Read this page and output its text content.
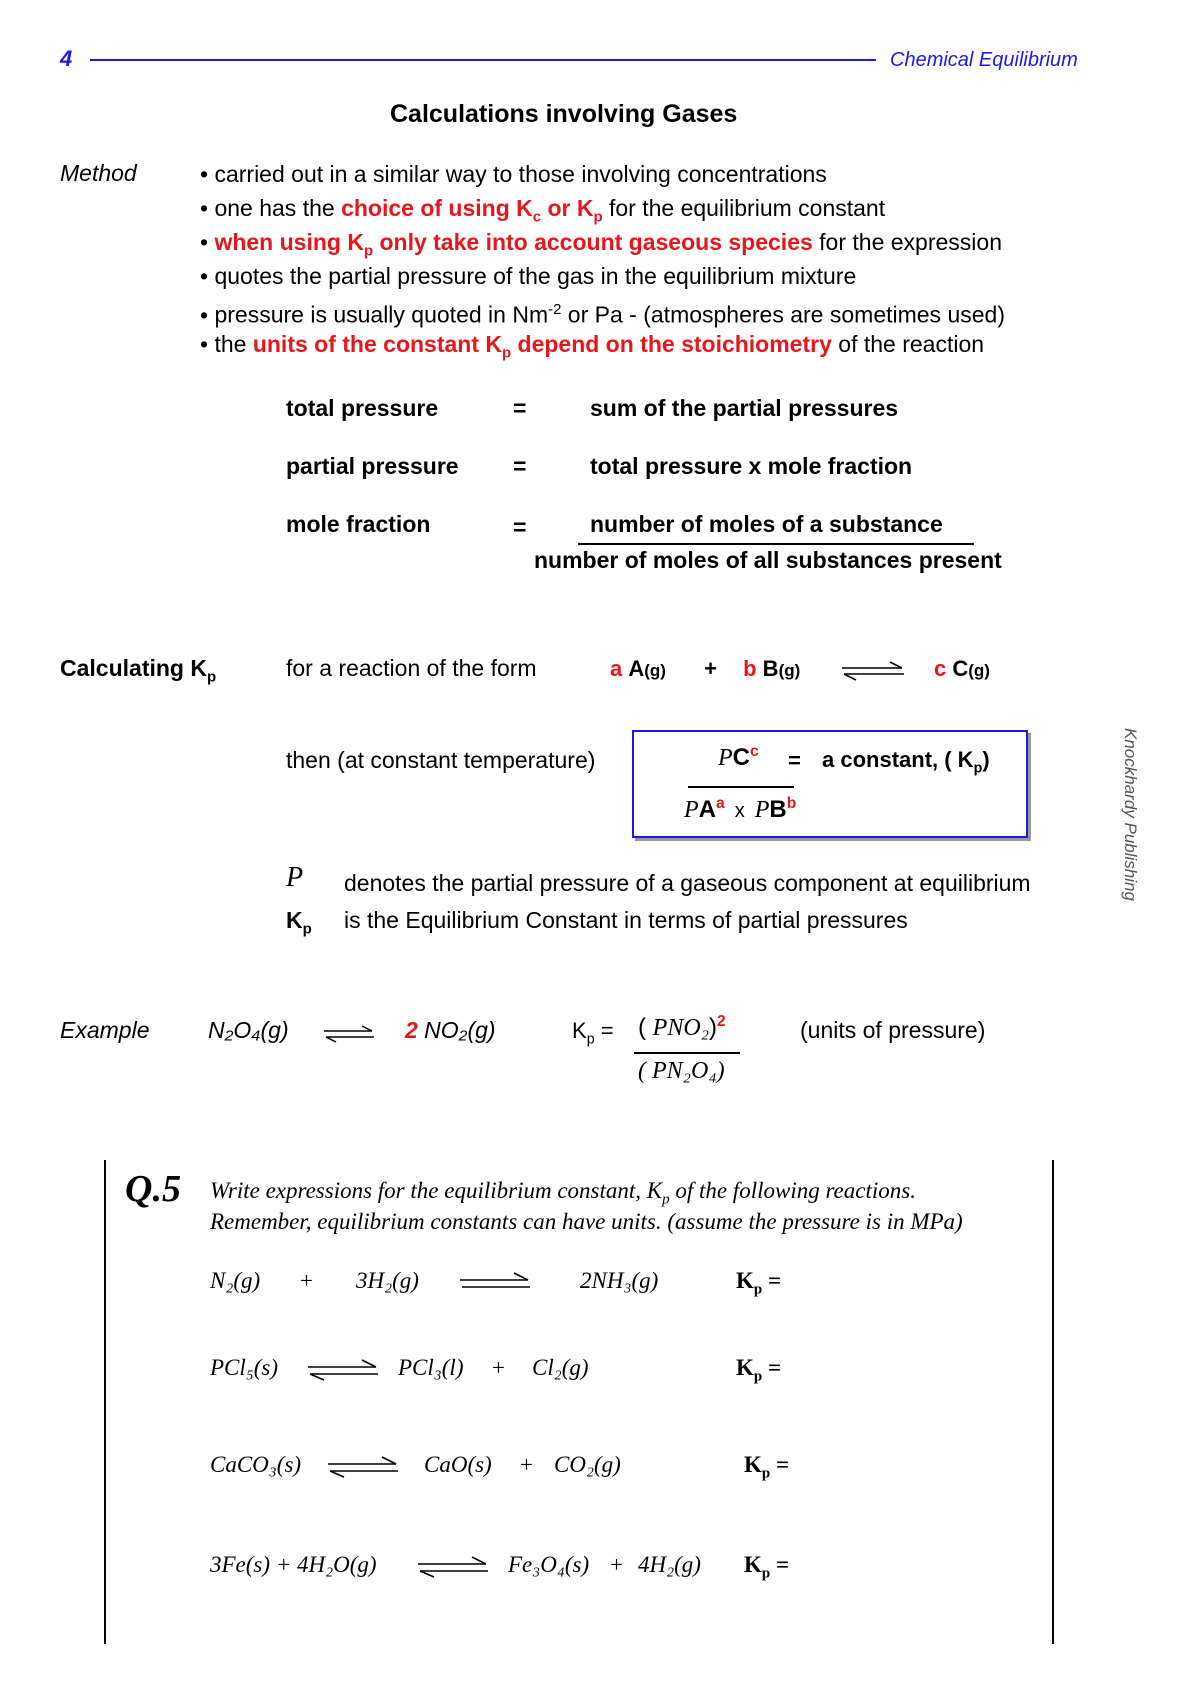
4	Chemical Equilibrium
Knockhardy Publishing
Calculations involving Gases
Method	• carried out in a similar way to those involving concentrations
• one has the choice of using $K_c$ or $K_p$ for the equilibrium constant
• when using $K_p$ only take into account gaseous species for the expression
• quotes the partial pressure of the gas in the equilibrium mixture
• pressure is usually quoted in $Nm^{-2}$ or Pa - (atmospheres are sometimes used)
• the units of the constant $K_p$ depend on the stoichiometry of the reaction
total pressure	=	sum of the partial pressures
partial pressure =	total pressure x mole fraction
mole fraction	=	number of moles of a substance
number of moles of all substances present
Calculating $K_p$	for a reaction of the form	a A(g) + b B(g)	c C(g)
then (at constant temperature)	$PC^c = a$ constant, ( $K_p$)
$PA^a$ x $PB^b$
P denotes the partial pressure of a gaseous component at equilibrium
$K_p$ is the Equilibrium Constant in terms of partial pressures
Example	N₂O₄(g)	2 NO₂(g)	$K_p$ = ( PNO₂)$^2$
( PN₂O₄)
(units of pressure)
Q.5 Write expressions for the equilibrium constant, $K_p$ of the following reactions.
Remember, equilibrium constants can have units. (assume the pressure is in MPa)
N₂(g) + 3H₂(g)	2NH₃(g)	$K_p$ =
PCl₅(s)	PCl₃(l) + Cl₂(g)	$K_p$ =
CaCO₃(s)	CaO(s) + CO₂(g)	$K_p$ =
3Fe(s) + 4H₂O(g)	Fe₃O₄(s) + 4H₂(g) $K_p$ =
